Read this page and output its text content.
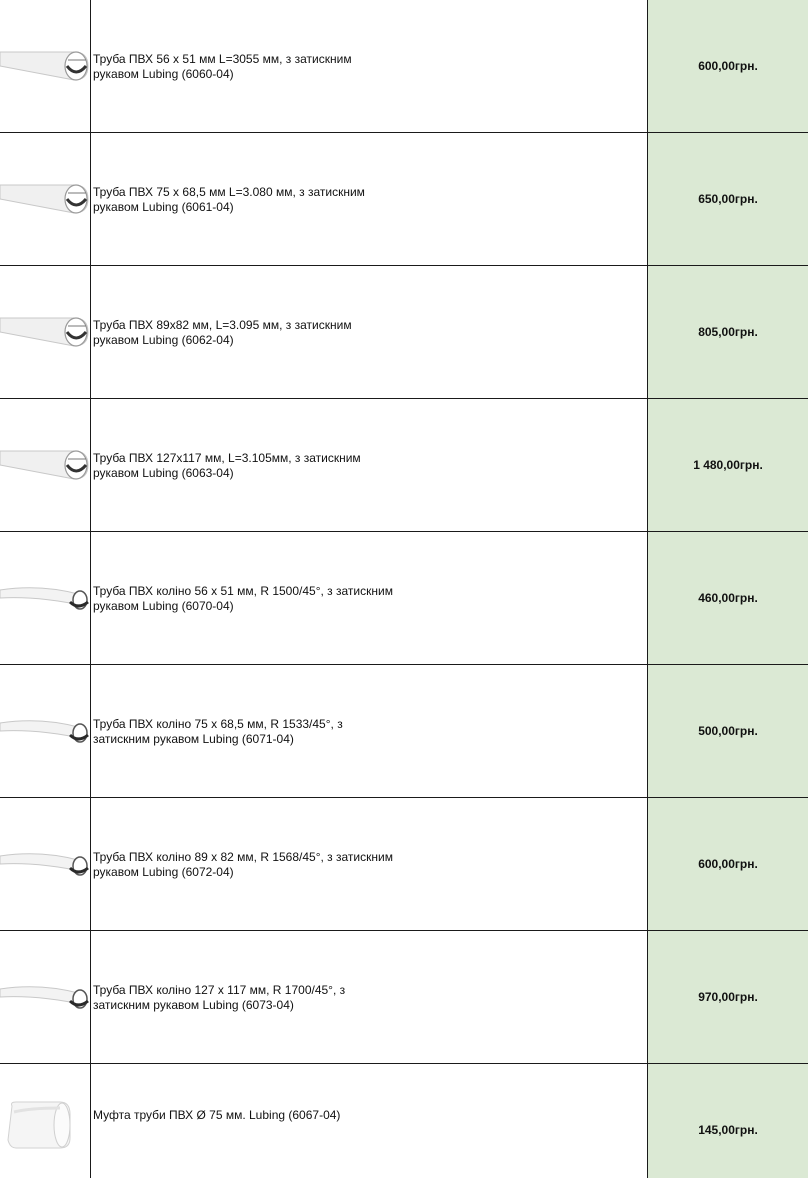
Труба ПВХ 56 х 51 мм L=3055 мм, з затискним
рукавом Lubing (6060-04)
600,00грн.
Труба ПВХ 75 х 68,5 мм L=3.080 мм, з затискним
рукавом Lubing (6061-04)
650,00грн.
Труба ПВХ 89х82 мм, L=3.095 мм, з затискним
рукавом Lubing (6062-04)
805,00грн.
Труба ПВХ 127х117 мм, L=3.105мм, з затискним
рукавом Lubing (6063-04)
1 480,00грн.
Труба ПВХ коліно 56 х 51 мм, R 1500/45°, з затискним
рукавом Lubing (6070-04)
460,00грн.
Труба ПВХ коліно 75 х 68,5 мм, R 1533/45°, з
затискним рукавом Lubing (6071-04)
500,00грн.
Труба ПВХ коліно 89 х 82 мм, R 1568/45°, з затискним
рукавом Lubing (6072-04)
600,00грн.
Труба ПВХ коліно 127 х 117 мм, R 1700/45°, з
затискним рукавом Lubing (6073-04)
970,00грн.
Муфта труби ПВХ Ø 75 мм. Lubing (6067-04)
145,00грн.
